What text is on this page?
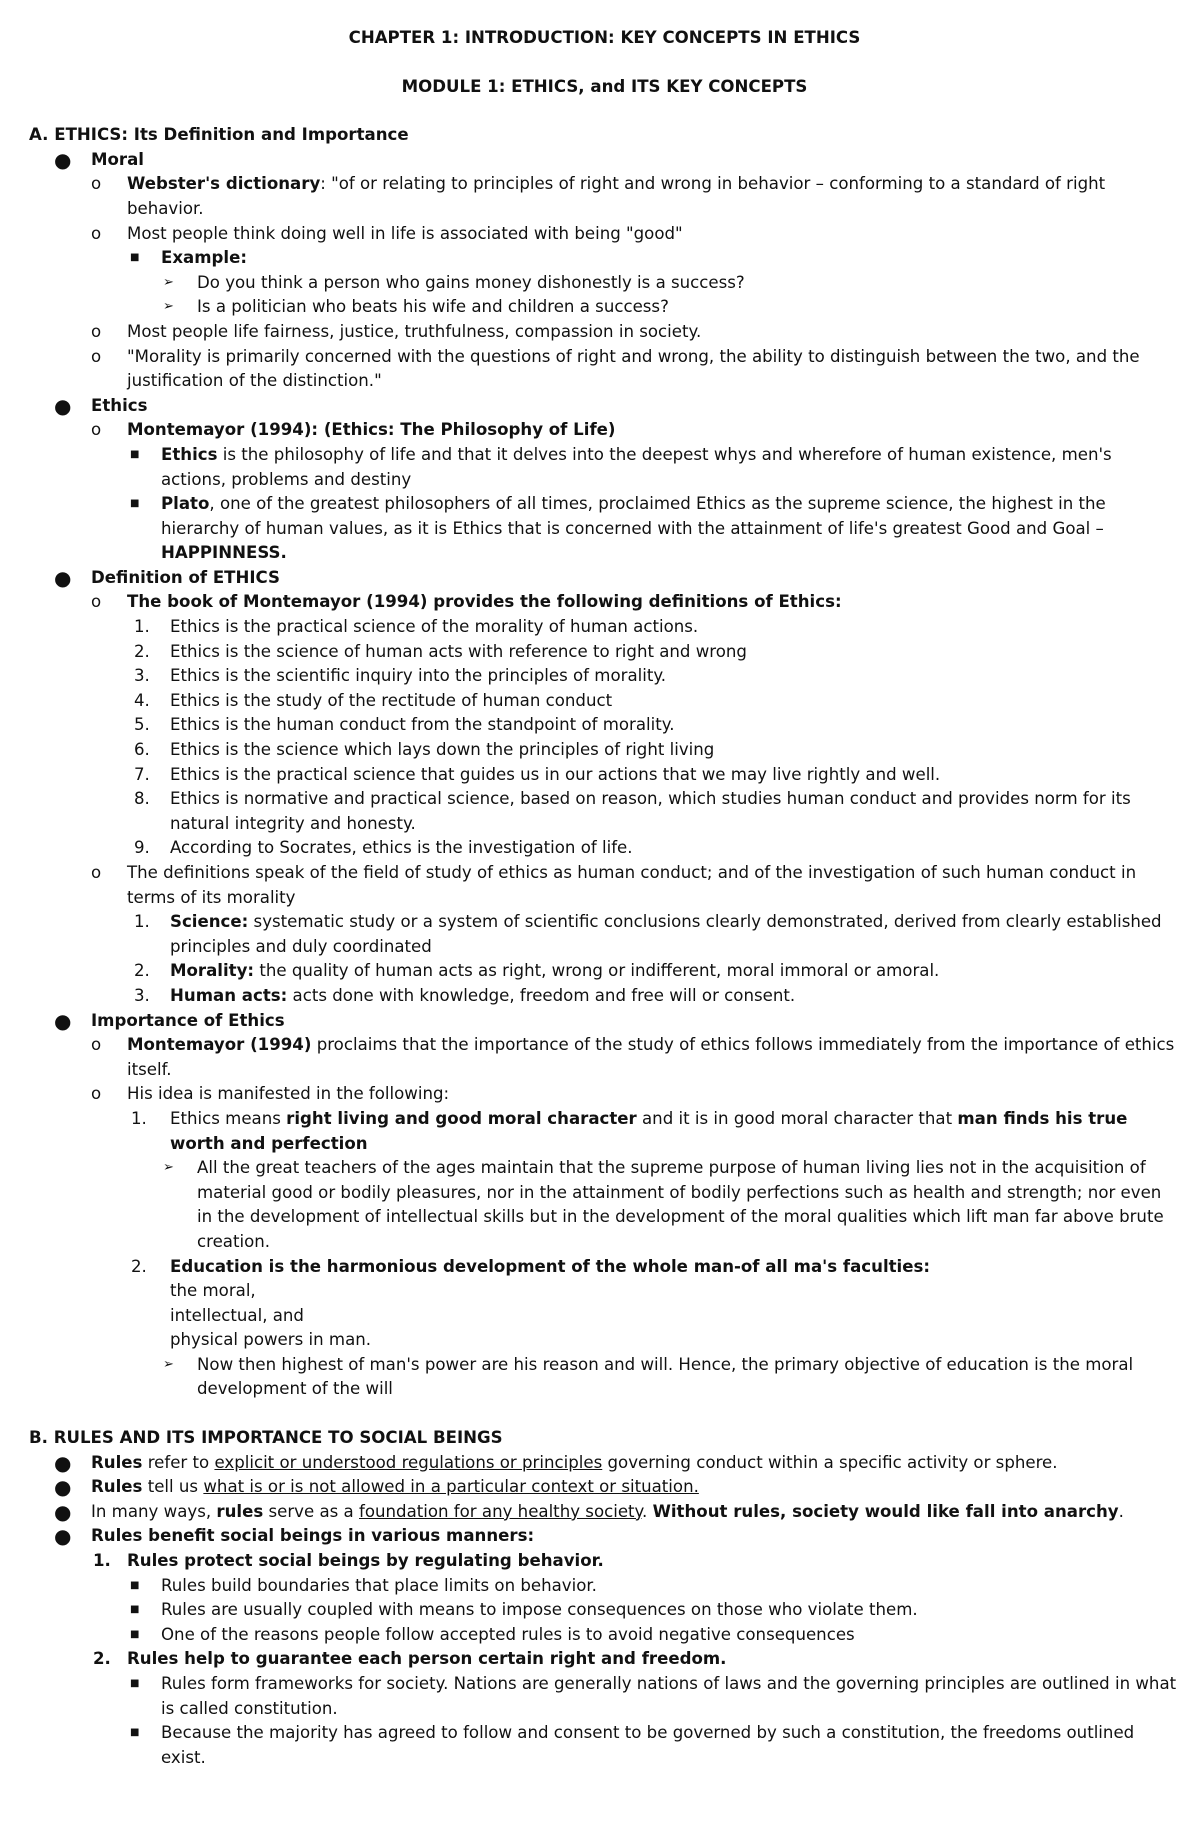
CHAPTER 1: INTRODUCTION: KEY CONCEPTS IN ETHICS
MODULE 1: ETHICS, and ITS KEY CONCEPTS
A. ETHICS: Its Definition and Importance
● Moral
o Webster's dictionary: "of or relating to principles of right and wrong in behavior – conforming to a standard of right behavior.
o Most people think doing well in life is associated with being "good"
■ Example:
➢ Do you think a person who gains money dishonestly is a success?
➢ Is a politician who beats his wife and children a success?
o Most people life fairness, justice, truthfulness, compassion in society.
o "Morality is primarily concerned with the questions of right and wrong, the ability to distinguish between the two, and the justification of the distinction."
● Ethics
o Montemayor (1994): (Ethics: The Philosophy of Life)
■ Ethics is the philosophy of life and that it delves into the deepest whys and wherefore of human existence, men's actions, problems and destiny
■ Plato, one of the greatest philosophers of all times, proclaimed Ethics as the supreme science, the highest in the hierarchy of human values, as it is Ethics that is concerned with the attainment of life's greatest Good and Goal – HAPPINNESS.
● Definition of ETHICS
o The book of Montemayor (1994) provides the following definitions of Ethics:
1. Ethics is the practical science of the morality of human actions.
2. Ethics is the science of human acts with reference to right and wrong
3. Ethics is the scientific inquiry into the principles of morality.
4. Ethics is the study of the rectitude of human conduct
5. Ethics is the human conduct from the standpoint of morality.
6. Ethics is the science which lays down the principles of right living
7. Ethics is the practical science that guides us in our actions that we may live rightly and well.
8. Ethics is normative and practical science, based on reason, which studies human conduct and provides norm for its natural integrity and honesty.
9. According to Socrates, ethics is the investigation of life.
o The definitions speak of the field of study of ethics as human conduct; and of the investigation of such human conduct in terms of its morality
1. Science: systematic study or a system of scientific conclusions clearly demonstrated, derived from clearly established principles and duly coordinated
2. Morality: the quality of human acts as right, wrong or indifferent, moral immoral or amoral.
3. Human acts: acts done with knowledge, freedom and free will or consent.
● Importance of Ethics
o Montemayor (1994) proclaims that the importance of the study of ethics follows immediately from the importance of ethics itself.
o His idea is manifested in the following:
1. Ethics means right living and good moral character and it is in good moral character that man finds his true worth and perfection
➢ All the great teachers of the ages maintain that the supreme purpose of human living lies not in the acquisition of material good or bodily pleasures, nor in the attainment of bodily perfections such as health and strength; nor even in the development of intellectual skills but in the development of the moral qualities which lift man far above brute creation.
2. Education is the harmonious development of the whole man-of all ma's faculties:
the moral,
intellectual, and
physical powers in man.
➢ Now then highest of man's power are his reason and will. Hence, the primary objective of education is the moral development of the will
B. RULES AND ITS IMPORTANCE TO SOCIAL BEINGS
● Rules refer to explicit or understood regulations or principles governing conduct within a specific activity or sphere.
● Rules tell us what is or is not allowed in a particular context or situation.
● In many ways, rules serve as a foundation for any healthy society. Without rules, society would like fall into anarchy.
● Rules benefit social beings in various manners:
1. Rules protect social beings by regulating behavior.
■ Rules build boundaries that place limits on behavior.
■ Rules are usually coupled with means to impose consequences on those who violate them.
■ One of the reasons people follow accepted rules is to avoid negative consequences
2. Rules help to guarantee each person certain right and freedom.
■ Rules form frameworks for society. Nations are generally nations of laws and the governing principles are outlined in what is called constitution.
■ Because the majority has agreed to follow and consent to be governed by such a constitution, the freedoms outlined exist.
